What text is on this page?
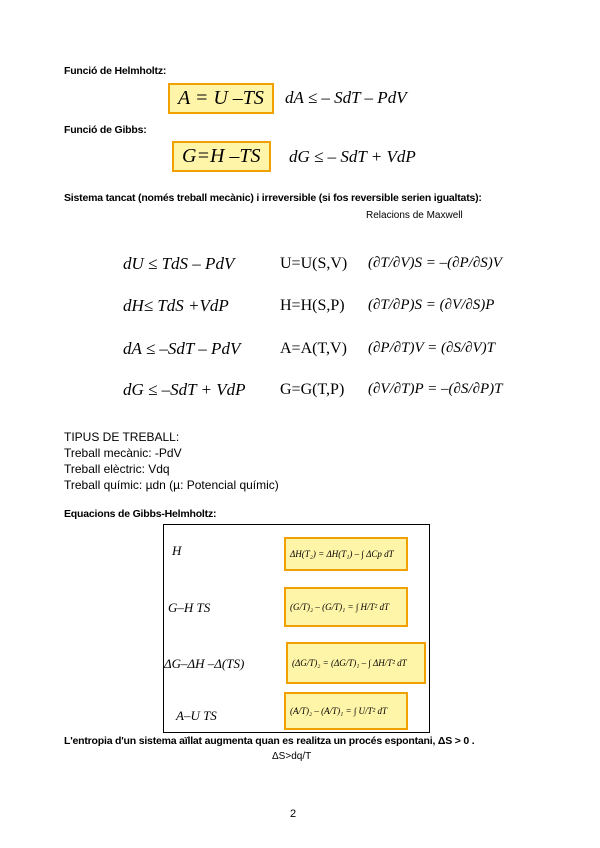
Funció de Helmholtz:
A = U –TS	dA ≤ – SdT – PdV
Funció de Gibbs:
G=H –TS	dG ≤ – SdT + VdP
Sistema tancat (només treball mecànic) i irreversible (si fos reversible serien igualtats):
Relacions de Maxwell
dU ≤ TdS – PdV	U=U(S,V) (∂T/∂V)S = –(∂P/∂S)V
dH≤ TdS +VdP	H=H(S,P) (∂T/∂P)S = (∂V/∂S)P
dA ≤ –SdT – PdV A=A(T,V) (∂P/∂T)V = (∂S/∂V)T
dG ≤ –SdT + VdP G=G(T,P) (∂V/∂T)P = –(∂S/∂P)T
TIPUS DE TREBALL:
Treball mecànic: -PdV
Treball elèctric: Vdq
Treball químic: µdn (µ: Potencial químic)
Equacions de Gibbs-Helmholtz:
H	ΔH(T₂) = ΔH(T₁) – ∫ ΔCp dT
G–H TS	(G/T)₂ – (G/T)₁ = ∫ H/T² dT
ΔG–ΔH –Δ(TS)	(ΔG/T)₂ = (ΔG/T)₁ – ∫ ΔH/T² dT
A–U TS	(A/T)₂ – (A/T)₁ = ∫ U/T² dT
L'entropia d'un sistema aïllat augmenta quan es realitza un procés espontani, ΔS > 0 .
ΔS>dq/T
2
